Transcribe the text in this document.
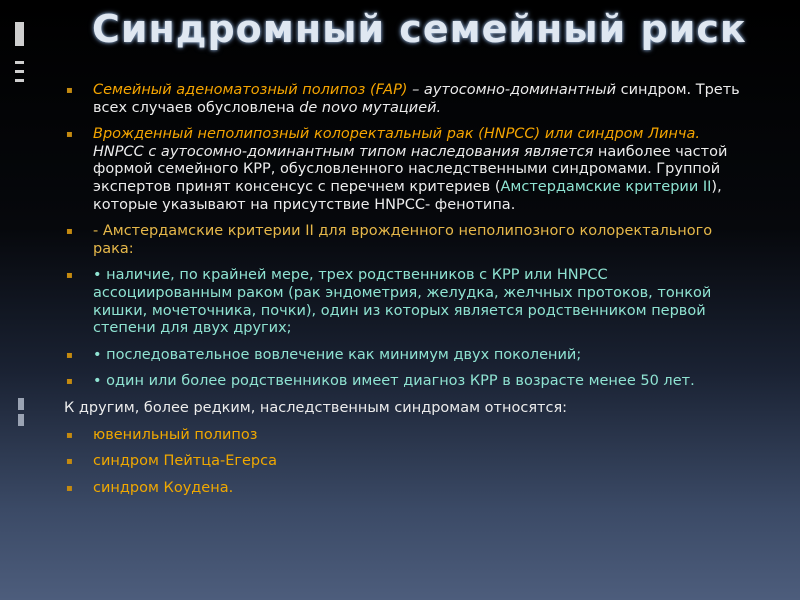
Синдромный семейный риск
▪ Семейный аденоматозный полипоз (FAP) – аутосомно-доминантный синдром. Треть всех случаев обусловлена de novo мутацией.
▪ Врожденный неполипозный колоректальный рак (HNPCC) или синдром Линча. HNPCC с аутосомно-доминантным типом наследования является наиболее частой формой семейного КРР, обусловленного наследственными синдромами. Группой экспертов принят консенсус с перечнем критериев (Амстердамские критерии II), которые указывают на присутствие HNPCC- фенотипа.
▪ - Амстердамские критерии II для врожденного неполипозного колоректального рака:
▪ • наличие, по крайней мере, трех родственников с КРР или HNPCC ассоциированным раком (рак эндометрия, желудка, желчных протоков, тонкой кишки, мочеточника, почки), один из которых является родственником первой степени для двух других;
▪ • последовательное вовлечение как минимум двух поколений;
▪ • один или более родственников имеет диагноз КРР в возрасте менее 50 лет.
К другим, более редким, наследственным синдромам относятся:
▪ ювенильный полипоз
▪ синдром Пейтца-Егерса
▪ синдром Коудена.
